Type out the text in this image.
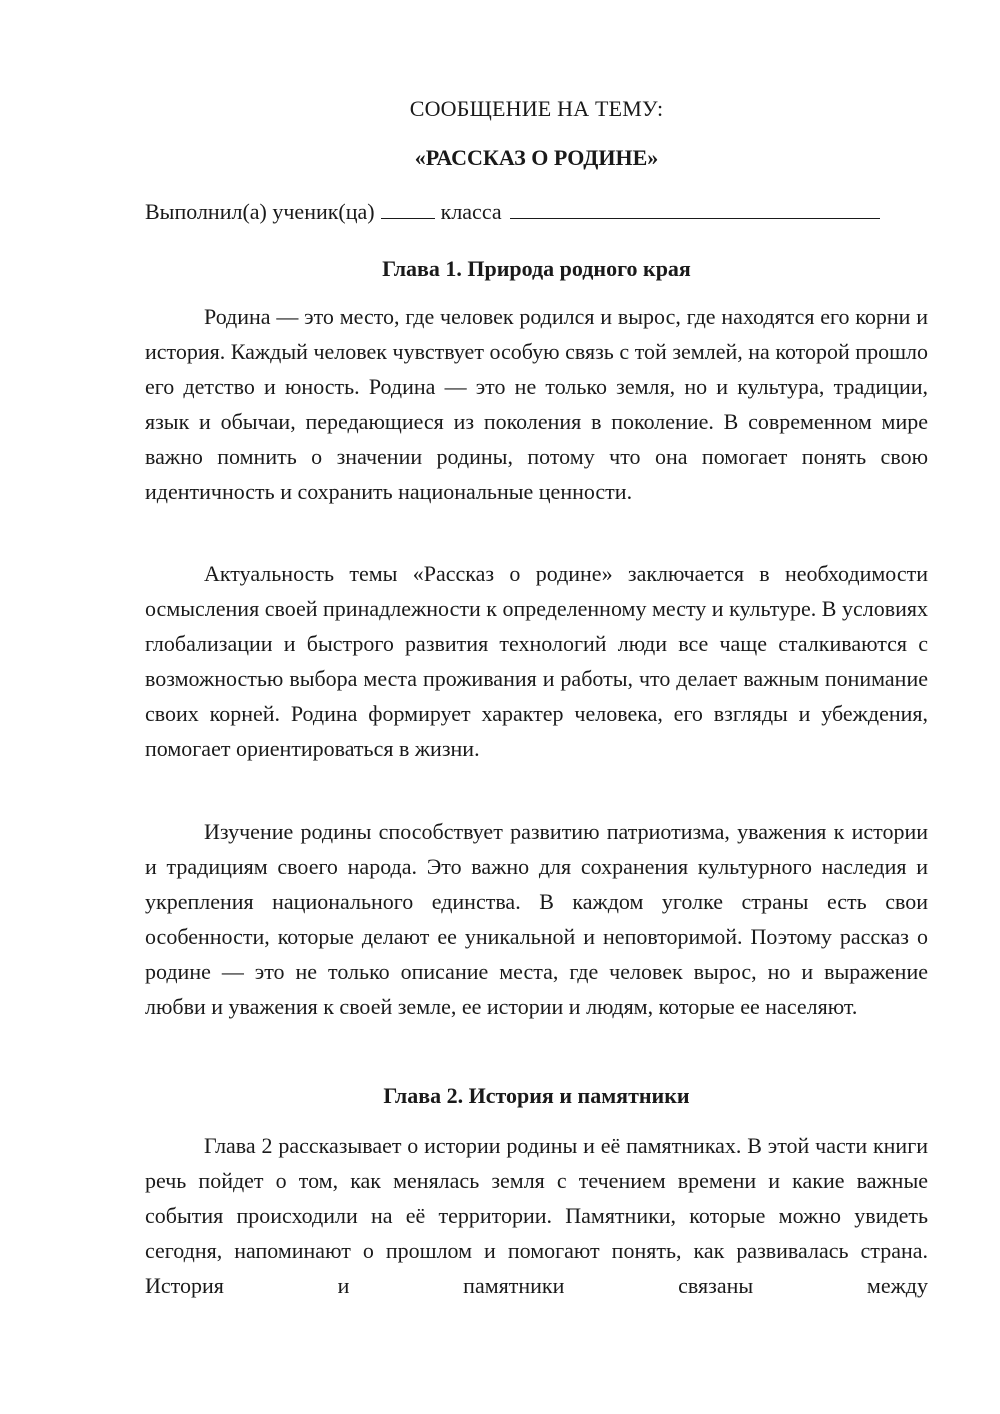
СООБЩЕНИЕ НА ТЕМУ:
«РАССКАЗ О РОДИНЕ»
Выполнил(а) ученик(ца)	класса
Глава 1. Природа родного края

Родина — это место, где человек родился и вырос, где находятся его корни и история. Каждый человек чувствует особую связь с той землей, на которой прошло его детство и юность. Родина — это не только земля, но и культура, традиции, язык и обычаи, передающиеся из поколения в поколение. В современном мире важно помнить о значении родины, потому что она помогает понять свою идентичность и сохранить национальные ценности.

Актуальность темы «Рассказ о родине» заключается в необходимости осмысления своей принадлежности к определенному месту и культуре. В условиях глобализации и быстрого развития технологий люди все чаще сталкиваются с возможностью выбора места проживания и работы, что делает важным понимание своих корней. Родина формирует характер человека, его взгляды и убеждения, помогает ориентироваться в жизни.

Изучение родины способствует развитию патриотизма, уважения к истории и традициям своего народа. Это важно для сохранения культурного наследия и укрепления национального единства. В каждом уголке страны есть свои особенности, которые делают ее уникальной и неповторимой. Поэтому рассказ о родине — это не только описание места, где человек вырос, но и выражение любви и уважения к своей земле, ее истории и людям, которые ее населяют.

Глава 2. История и памятники

Глава 2 рассказывает о истории родины и её памятниках. В этой части книги речь пойдет о том, как менялась земля с течением времени и какие важные события происходили на её территории. Памятники, которые можно увидеть сегодня, напоминают о прошлом и помогают понять, как развивалась страна. История и памятники связаны между
